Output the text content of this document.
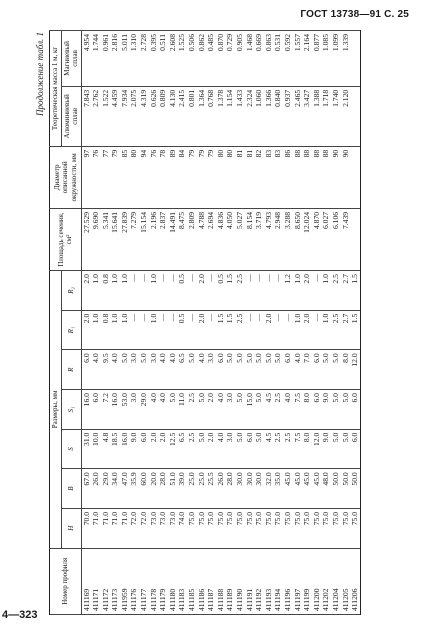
ГОСТ 13738—91 С. 25
Продолжение табл. 1
Номер профиля	Размеры, мм							Площадь сечения, см²	Диаметр описанной окружности, мм	Теоретическая масса 1 м, кг	
	H	B	S	S₁	R	R₁	R₂			Алюминиевый сплав	Магниевый сплав
411169	70.0	67.0	31.0	16.0	6.0	2.0	2.0	27.529	97	7.843	4.954
411171	71.0	26.0	10.0	6.0	4.0	1.0	1.0	9.690	76	2.762	1.744
411172	71.0	29.0	4.8	7.2	9.5	0.8	0.8	5.341	77	1.522	0.961
411173	71.0	34.0	18.5	16.0	4.0	1.0	1.0	15.641	79	4.459	2.816
411959	71.0	47.0	16.0	53.0	5.0	1.0	1.0	27.839	85	7.934	5.011
411176	72.0	35.9	9.0	3.0	3.0	—	—	7.279	80	2.075	1.310
411177	72.0	60.0	6.0	29.0	5.0	—	—	15.154	94	4.319	2.728
411178	73.0	20.0	2.0	4.0	3.0	1.0	1.0	2.196	76	0.626	0.395
411179	73.0	28.0	2.0	4.0	4.0	—	—	2.837	78	0.809	0.511
411180	73.0	51.0	12.5	5.0	4.0	—	—	14.491	89	4.130	2.608
411183	74.0	39.0	6.5	11.0	6.5	0.5	0.5	8.475	84	2.415	1.525
411185	75.0	25.0	2.5	2.5	5.0	—	—	2.809	79	0.801	0.506
411186	75.0	25.0	5.0	5.0	4.0	2.0	2.0	4.788	79	1.364	0.862
411187	75.0	25.5	2.0	2.0	3.0	—	—	2.694	79	0.768	0.485
411188	75.0	26.0	4.0	4.0	6.0	1.5	0.5	4.836	80	1.378	0.870
411189	75.0	28.0	3.0	3.0	5.0	1.5	1.5	4.050	80	1.154	0.729
411190	75.0	30.0	5.0	5.0	5.0	2.5	2.5	5.027	81	1.433	0.905
411191	75.0	30.0	6.0	15.0	5.0	—	—	8.154	81	2.324	1.468
411192	75.0	30.0	5.0	5.0	5.0	—	—	3.719	82	1.060	0.669
411193	75.0	32.0	4.5	4.5	5.0	2.0	—	4.793	83	1.366	0.863
411194	75.0	35.0	2.5	2.5	5.0	—	—	2.948	83	0.840	0.531
411196	75.0	45.0	2.5	4.0	6.0	—	1.2	3.288	86	0.937	0.592
411197	75.0	45.0	7.5	7.5	4.0	1.0	1.0	8.650	88	2.465	1.557
411199	75.0	45.0	8.0	8.0	7.0	2.0	2.0	12.024	88	3.427	2.164
411200	75.0	45.0	12.0	6.0	6.0	—	—	4.870	88	1.388	0.877
411202	75.0	48.0	9.0	9.0	5.0	1.0	1.0	6.027	88	1.718	1.085
411204	75.0	50.0	5.0	5.0	5.0	2.5	2.5	6.106	90	1.740	1.099
411205	75.0	50.0	5.0	5.0	8.0	2.7	2.7	7.439	90	2.120	1.339
411206	75.0	50.0	6.0	6.0	12.0	1.5	1.5				
4—323
